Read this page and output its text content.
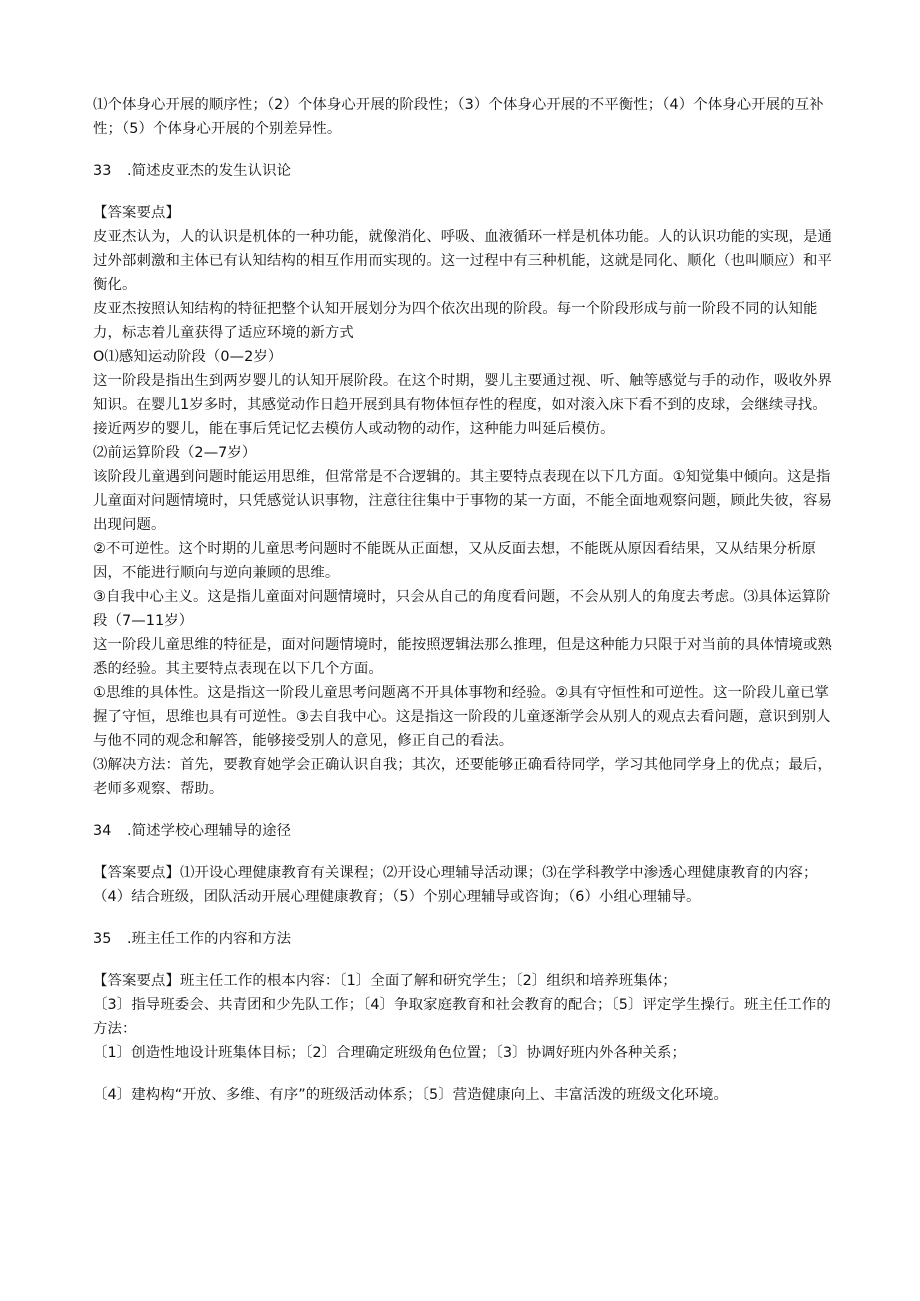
⑴个体身心开展的顺序性；（2）个体身心开展的阶段性；（3）个体身心开展的不平衡性；（4）个体身心开展的互补性；（5）个体身心开展的个别差异性。

33 .简述皮亚杰的发生认识论

【答案要点】

皮亚杰认为，人的认识是机体的一种功能，就像消化、呼吸、血液循环一样是机体功能。人的认识功能的实现，是通过外部刺激和主体已有认知结构的相互作用而实现的。这一过程中有三种机能，这就是同化、顺化（也叫顺应）和平衡化。

皮亚杰按照认知结构的特征把整个认知开展划分为四个依次出现的阶段。每一个阶段形成与前一阶段不同的认知能力，标志着儿童获得了适应环境的新方式

O⑴感知运动阶段（0—2岁）

这一阶段是指出生到两岁婴儿的认知开展阶段。在这个时期，婴儿主要通过视、听、触等感觉与手的动作，吸收外界知识。在婴儿1岁多时，其感觉动作日趋开展到具有物体恒存性的程度，如对滚入床下看不到的皮球，会继续寻找。接近两岁的婴儿，能在事后凭记忆去模仿人或动物的动作，这种能力叫延后模仿。

⑵前运算阶段（2—7岁）

该阶段儿童遇到问题时能运用思维，但常常是不合逻辑的。其主要特点表现在以下几方面。①知觉集中倾向。这是指儿童面对问题情境时，只凭感觉认识事物，注意往往集中于事物的某一方面，不能全面地观察问题，顾此失彼，容易出现问题。

②不可逆性。这个时期的儿童思考问题时不能既从正面想，又从反面去想，不能既从原因看结果，又从结果分析原因，不能进行顺向与逆向兼顾的思维。

③自我中心主义。这是指儿童面对问题情境时，只会从自己的角度看问题，不会从别人的角度去考虑。⑶具体运算阶段（7—11岁）

这一阶段儿童思维的特征是，面对问题情境时，能按照逻辑法那么推理，但是这种能力只限于对当前的具体情境或熟悉的经验。其主要特点表现在以下几个方面。

①思维的具体性。这是指这一阶段儿童思考问题离不开具体事物和经验。②具有守恒性和可逆性。这一阶段儿童已掌握了守恒，思维也具有可逆性。③去自我中心。这是指这一阶段的儿童逐渐学会从别人的观点去看问题，意识到别人与他不同的观念和解答，能够接受别人的意见，修正自己的看法。

⑶解决方法：首先，要教育她学会正确认识自我；其次，还要能够正确看待同学，学习其他同学身上的优点；最后，老师多观察、帮助。

34 .简述学校心理辅导的途径

【答案要点】⑴开设心理健康教育有关课程；⑵开设心理辅导活动课；⑶在学科教学中渗透心理健康教育的内容；（4）结合班级，团队活动开展心理健康教育；（5）个别心理辅导或咨询；（6）小组心理辅导。

35 .班主任工作的内容和方法

【答案要点】班主任工作的根本内容：〔1〕全面了解和研究学生；〔2〕组织和培养班集体；

〔3〕指导班委会、共青团和少先队工作；〔4〕争取家庭教育和社会教育的配合；〔5〕评定学生操行。班主任工作的方法：

〔1〕创造性地设计班集体目标；〔2〕合理确定班级角色位置；〔3〕协调好班内外各种关系；

〔4〕建构构“开放、多维、有序”的班级活动体系；〔5〕营造健康向上、丰富活泼的班级文化环境。
